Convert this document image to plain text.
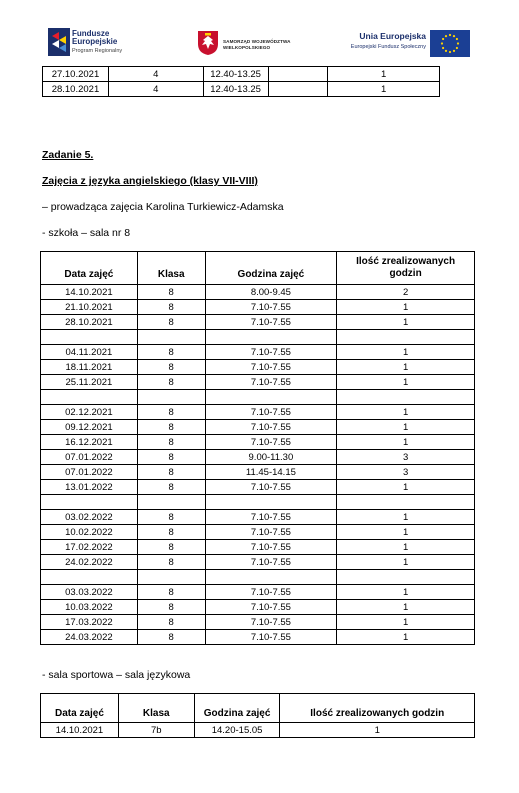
Fundusze
Europejskie
Program Regionalny
SAMORZĄD WOJEWÓDZTWA
WIELKOPOLSKIEGO
Unia Europejska
Europejski Fundusz Społeczny
27.10.2021	4	12.40-13.25		1
28.10.2021	4	12.40-13.25		1
Zadanie 5.
Zajęcia z języka angielskiego (klasy VII-VIII)
– prowadząca zajęcia Karolina Turkiewicz-Adamska
- szkoła – sala nr 8
Data zajęć	Klasa	Godzina zajęć	Ilość zrealizowanych godzin
14.10.2021	8	8.00-9.45	2
21.10.2021	8	7.10-7.55	1
28.10.2021	8	7.10-7.55	1

04.11.2021	8	7.10-7.55	1
18.11.2021	8	7.10-7.55	1
25.11.2021	8	7.10-7.55	1

02.12.2021	8	7.10-7.55	1
09.12.2021	8	7.10-7.55	1
16.12.2021	8	7.10-7.55	1
07.01.2022	8	9.00-11.30	3
07.01.2022	8	11.45-14.15	3
13.01.2022	8	7.10-7.55	1

03.02.2022	8	7.10-7.55	1
10.02.2022	8	7.10-7.55	1
17.02.2022	8	7.10-7.55	1
24.02.2022	8	7.10-7.55	1

03.03.2022	8	7.10-7.55	1
10.03.2022	8	7.10-7.55	1
17.03.2022	8	7.10-7.55	1
24.03.2022	8	7.10-7.55	1
- sala sportowa – sala językowa
Data zajęć	Klasa	Godzina zajęć	Ilość zrealizowanych godzin
14.10.2021	7b	14.20-15.05	1
